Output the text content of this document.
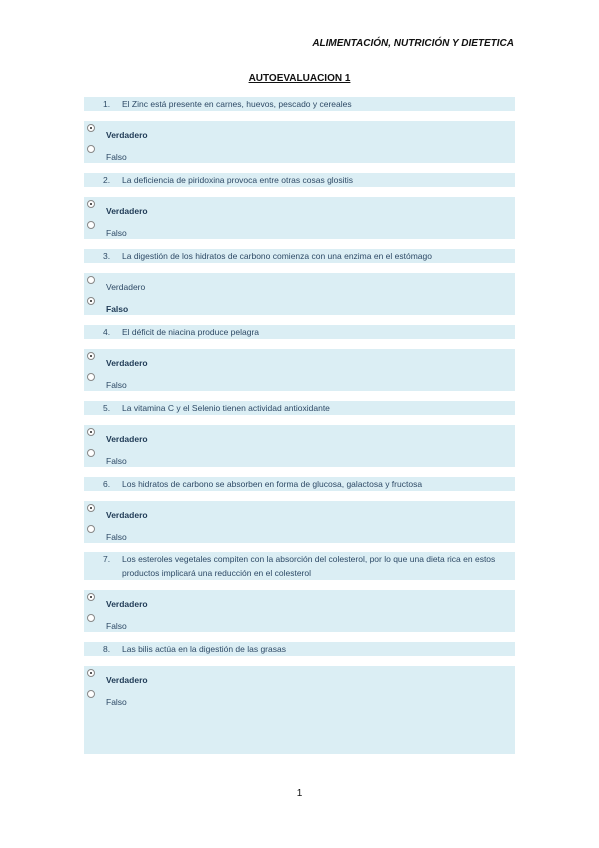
ALIMENTACIÓN, NUTRICIÓN Y DIETETICA
AUTOEVALUACION 1
1. El Zinc está presente en carnes, huevos, pescado y cereales
Verdadero
Falso
2. La deficiencia de piridoxina provoca entre otras cosas glositis
Verdadero
Falso
3. La digestión de los hidratos de carbono comienza con una enzima en el estómago
Verdadero
Falso
4. El déficit de niacina produce pelagra
Verdadero
Falso
5. La vitamina C y el Selenio tienen actividad antioxidante
Verdadero
Falso
6. Los hidratos de carbono se absorben en forma de glucosa, galactosa y fructosa
Verdadero
Falso
7. Los esteroles vegetales compiten con la absorción del colesterol, por lo que una dieta rica en estos productos implicará una reducción en el colesterol
Verdadero
Falso
8. Las bilis actúa en la digestión de las grasas
Verdadero
Falso
1
